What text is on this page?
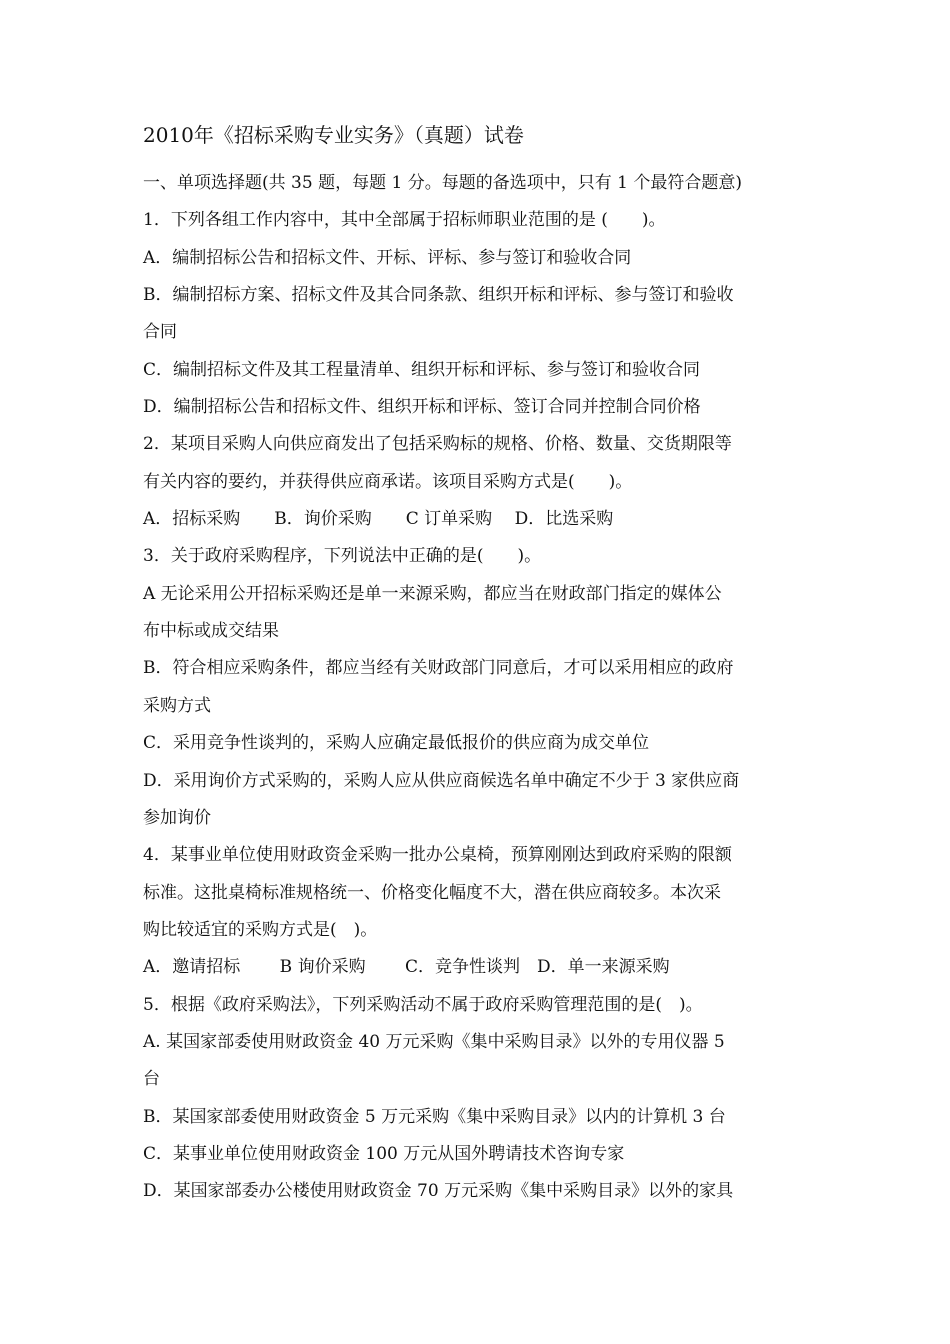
2010年《招标采购专业实务》（真题）试卷
一、单项选择题(共 35 题，每题 1 分。每题的备选项中，只有 1 个最符合题意)
1．下列各组工作内容中，其中全部属于招标师职业范围的是 (　　)。
A．编制招标公告和招标文件、开标、评标、参与签订和验收合同
B．编制招标方案、招标文件及其合同条款、组织开标和评标、参与签订和验收
合同
C．编制招标文件及其工程量清单、组织开标和评标、参与签订和验收合同
D．编制招标公告和招标文件、组织开标和评标、签订合同并控制合同价格
2．某项目采购人向供应商发出了包括采购标的规格、价格、数量、交货期限等
有关内容的要约，并获得供应商承诺。该项目采购方式是(　　)。
A．招标采购　　B．询价采购　　C 订单采购　 D．比选采购
3．关于政府采购程序，下列说法中正确的是(　　)。
A 无论采用公开招标采购还是单一来源采购，都应当在财政部门指定的媒体公
布中标或成交结果
B．符合相应采购条件，都应当经有关财政部门同意后，才可以采用相应的政府
采购方式
C．采用竞争性谈判的，采购人应确定最低报价的供应商为成交单位
D．采用询价方式采购的，采购人应从供应商候选名单中确定不少于 3 家供应商
参加询价
4．某事业单位使用财政资金采购一批办公桌椅，预算刚刚达到政府采购的限额
标准。这批桌椅标准规格统一、价格变化幅度不大，潜在供应商较多。本次采
购比较适宜的采购方式是(　)。
A．邀请招标　　 B 询价采购　　 C．竞争性谈判　D．单一来源采购
5．根据《政府采购法》，下列采购活动不属于政府采购管理范围的是(　)。
A. 某国家部委使用财政资金 40 万元采购《集中采购目录》以外的专用仪器 5
台
B．某国家部委使用财政资金 5 万元采购《集中采购目录》以内的计算机 3 台
C．某事业单位使用财政资金 100 万元从国外聘请技术咨询专家
D．某国家部委办公楼使用财政资金 70 万元采购《集中采购目录》以外的家具
